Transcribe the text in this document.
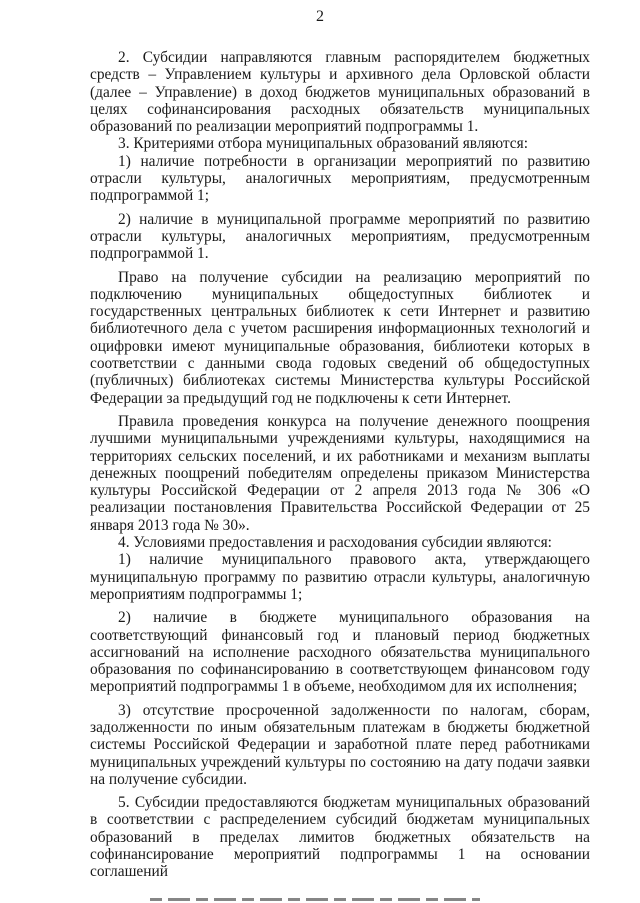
2

2. Субсидии направляются главным распорядителем бюджетных средств – Управлением культуры и архивного дела Орловской области (далее – Управление) в доход бюджетов муниципальных образований в целях софинансирования расходных обязательств муниципальных образований по реализации мероприятий подпрограммы 1.

3. Критериями отбора муниципальных образований являются:

1) наличие потребности в организации мероприятий по развитию отрасли культуры, аналогичных мероприятиям, предусмотренным подпрограммой 1;

2) наличие в муниципальной программе мероприятий по развитию отрасли культуры, аналогичных мероприятиям, предусмотренным подпрограммой 1.

Право на получение субсидии на реализацию мероприятий по подключению муниципальных общедоступных библиотек и государственных центральных библиотек к сети Интернет и развитию библиотечного дела с учетом расширения информационных технологий и оцифровки имеют муниципальные образования, библиотеки которых в соответствии с данными свода годовых сведений об общедоступных (публичных) библиотеках системы Министерства культуры Российской Федерации за предыдущий год не подключены к сети Интернет.

Правила проведения конкурса на получение денежного поощрения лучшими муниципальными учреждениями культуры, находящимися на территориях сельских поселений, и их работниками и механизм выплаты денежных поощрений победителям определены приказом Министерства культуры Российской Федерации от 2 апреля 2013 года № 306 «О реализации постановления Правительства Российской Федерации от 25 января 2013 года № 30».

4. Условиями предоставления и расходования субсидии являются:

1) наличие муниципального правового акта, утверждающего муниципальную программу по развитию отрасли культуры, аналогичную мероприятиям подпрограммы 1;

2) наличие в бюджете муниципального образования на соответствующий финансовый год и плановый период бюджетных ассигнований на исполнение расходного обязательства муниципального образования по софинансированию в соответствующем финансовом году мероприятий подпрограммы 1 в объеме, необходимом для их исполнения;

3) отсутствие просроченной задолженности по налогам, сборам, задолженности по иным обязательным платежам в бюджеты бюджетной системы Российской Федерации и заработной плате перед работниками муниципальных учреждений культуры по состоянию на дату подачи заявки на получение субсидии.

5. Субсидии предоставляются бюджетам муниципальных образований в соответствии с распределением субсидий бюджетам муниципальных образований в пределах лимитов бюджетных обязательств на софинансирование мероприятий подпрограммы 1 на основании соглашений
